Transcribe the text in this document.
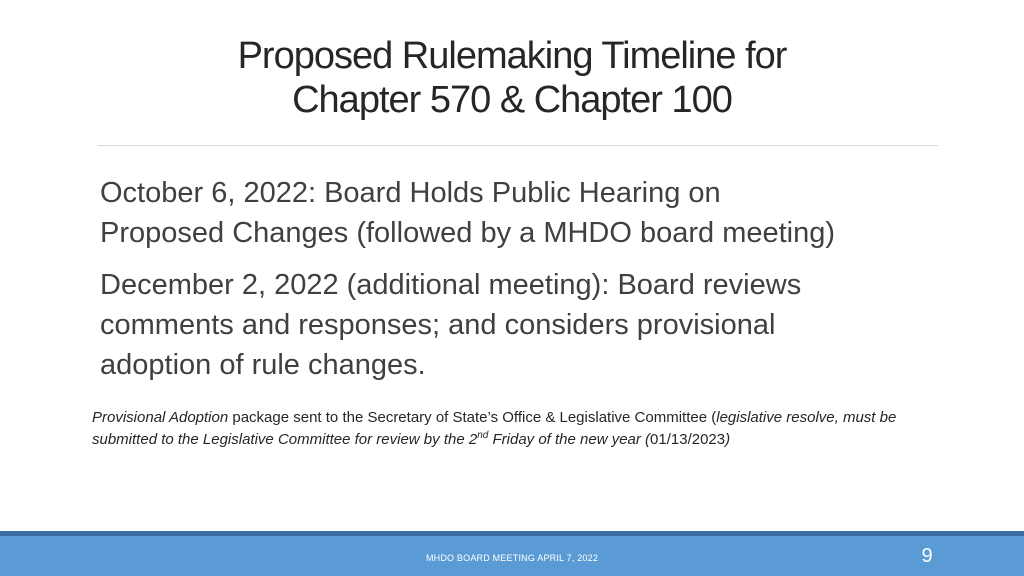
Proposed Rulemaking Timeline for
Chapter 570 & Chapter 100
October 6, 2022: Board Holds Public Hearing on
Proposed Changes (followed by a MHDO board meeting)
December 2, 2022 (additional meeting): Board reviews
comments and responses; and considers provisional
adoption of rule changes.
Provisional Adoption package sent to the Secretary of State’s Office & Legislative Committee (legislative resolve, must be submitted to the Legislative Committee for review by the 2nd Friday of the new year (01/13/2023)
MHDO BOARD MEETING APRIL 7, 2022	9
